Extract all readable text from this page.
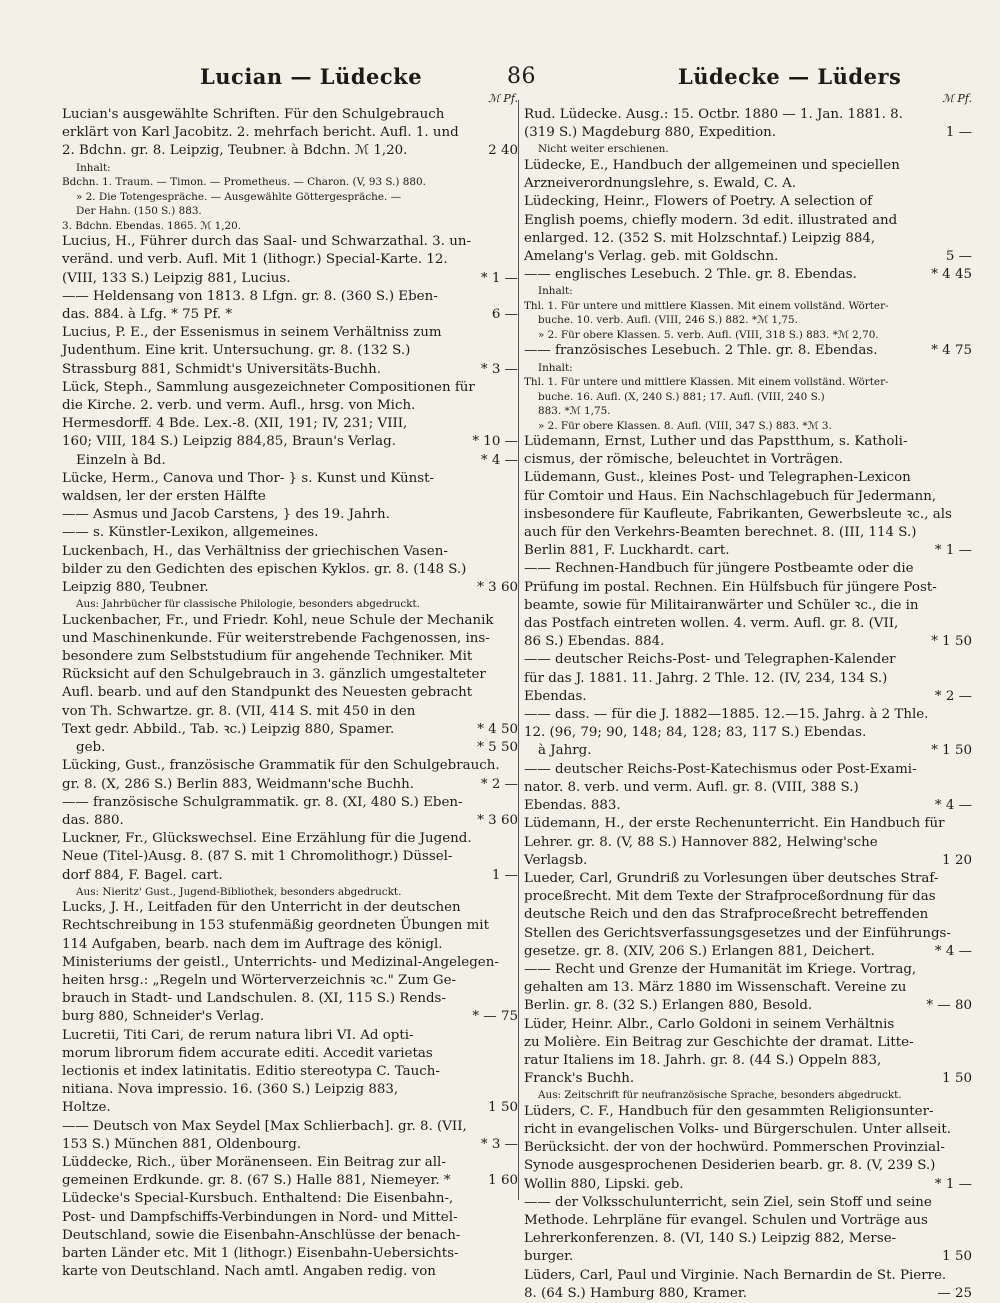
Lucian — Lüdecke	86	Lüdecke — Lüders
ℳ Pf.
Lucian's ausgewählte Schriften. Für den Schulgebrauch
erklärt von Karl Jacobitz. 2. mehrfach bericht. Aufl. 1. und
2. Bdchn. gr. 8. Leipzig, Teubner. à Bdchn. ℳ 1,20.	2 40
Inhalt:
Bdchn. 1. Traum. — Timon. — Prometheus. — Charon. (V, 93 S.) 880.
» 2. Die Totengespräche. — Ausgewählte Göttergespräche. —
Der Hahn. (150 S.) 883.
3. Bdchn. Ebendas. 1865. ℳ 1,20.
Lucius, H., Führer durch das Saal- und Schwarzathal. 3. un-
veränd. und verb. Aufl. Mit 1 (lithogr.) Special-Karte. 12.
(VIII, 133 S.) Leipzig 881, Lucius.	* 1 —
—— Heldensang von 1813. 8 Lfgn. gr. 8. (360 S.) Eben-
das. 884. à Lfg. * 75 Pf. *	6 —
Lucius, P. E., der Essenismus in seinem Verhältniss zum
Judenthum. Eine krit. Untersuchung. gr. 8. (132 S.)
Strassburg 881, Schmidt's Universitäts-Buchh.	* 3 —
Lück, Steph., Sammlung ausgezeichneter Compositionen für
die Kirche. 2. verb. und verm. Aufl., hrsg. von Mich.
Hermesdorff. 4 Bde. Lex.-8. (XII, 191; IV, 231; VIII,
160; VIII, 184 S.) Leipzig 884,85, Braun's Verlag.	* 10 —
Einzeln à Bd.	* 4 —
Lücke, Herm., Canova und Thor- } s. Kunst und Künst-
waldsen, ler der ersten Hälfte
—— Asmus und Jacob Carstens, } des 19. Jahrh.
—— s. Künstler-Lexikon, allgemeines.
Luckenbach, H., das Verhältniss der griechischen Vasen-
bilder zu den Gedichten des epischen Kyklos. gr. 8. (148 S.)
Leipzig 880, Teubner.	* 3 60
Aus: Jahrbücher für classische Philologie, besonders abgedruckt.
Luckenbacher, Fr., und Friedr. Kohl, neue Schule der Mechanik
und Maschinenkunde. Für weiterstrebende Fachgenossen, ins-
besondere zum Selbststudium für angehende Techniker. Mit
Rücksicht auf den Schulgebrauch in 3. gänzlich umgestalteter
Aufl. bearb. und auf den Standpunkt des Neuesten gebracht
von Th. Schwartze. gr. 8. (VII, 414 S. mit 450 in den
Text gedr. Abbild., Tab. ꝛc.) Leipzig 880, Spamer.	* 4 50
geb.	* 5 50
Lücking, Gust., französische Grammatik für den Schulgebrauch.
gr. 8. (X, 286 S.) Berlin 883, Weidmann'sche Buchh.	* 2 —
—— französische Schulgrammatik. gr. 8. (XI, 480 S.) Eben-
das. 880.	* 3 60
Luckner, Fr., Glückswechsel. Eine Erzählung für die Jugend.
Neue (Titel-)Ausg. 8. (87 S. mit 1 Chromolithogr.) Düssel-
dorf 884, F. Bagel. cart.	1 —
Aus: Nieritz' Gust., Jugend-Bibliothek, besonders abgedruckt.
Lucks, J. H., Leitfaden für den Unterricht in der deutschen
Rechtschreibung in 153 stufenmäßig geordneten Übungen mit
114 Aufgaben, bearb. nach dem im Auftrage des königl.
Ministeriums der geistl., Unterrichts- und Medizinal-Angelegen-
heiten hrsg.: „Regeln und Wörterverzeichnis ꝛc." Zum Ge-
brauch in Stadt- und Landschulen. 8. (XI, 115 S.) Rends-
burg 880, Schneider's Verlag.	* — 75
Lucretii, Titi Cari, de rerum natura libri VI. Ad opti-
morum librorum fidem accurate editi. Accedit varietas
lectionis et index latinitatis. Editio stereotypa C. Tauch-
nitiana. Nova impressio. 16. (360 S.) Leipzig 883,
Holtze.	1 50
—— Deutsch von Max Seydel [Max Schlierbach]. gr. 8. (VII,
153 S.) München 881, Oldenbourg.	* 3 —
Lüddecke, Rich., über Moränenseen. Ein Beitrag zur all-
gemeinen Erdkunde. gr. 8. (67 S.) Halle 881, Niemeyer. *	1 60
Lüdecke's Special-Kursbuch. Enthaltend: Die Eisenbahn-,
Post- und Dampfschiffs-Verbindungen in Nord- und Mittel-
Deutschland, sowie die Eisenbahn-Anschlüsse der benach-
barten Länder etc. Mit 1 (lithogr.) Eisenbahn-Uebersichts-
karte von Deutschland. Nach amtl. Angaben redig. von
ℳ Pf.
Rud. Lüdecke. Ausg.: 15. Octbr. 1880 — 1. Jan. 1881. 8.
(319 S.) Magdeburg 880, Expedition.	1 —
Nicht weiter erschienen.
Lüdecke, E., Handbuch der allgemeinen und speciellen
Arzneiverordnungslehre, s. Ewald, C. A.
Lüdecking, Heinr., Flowers of Poetry. A selection of
English poems, chiefly modern. 3d edit. illustrated and
enlarged. 12. (352 S. mit Holzschntaf.) Leipzig 884,
Amelang's Verlag. geb. mit Goldschn.	5 —
—— englisches Lesebuch. 2 Thle. gr. 8. Ebendas.	* 4 45
Inhalt:
Thl. 1. Für untere und mittlere Klassen. Mit einem vollständ. Wörter-
buche. 10. verb. Aufl. (VIII, 246 S.) 882. *ℳ 1,75.
» 2. Für obere Klassen. 5. verb. Aufl. (VIII, 318 S.) 883. *ℳ 2,70.
—— französisches Lesebuch. 2 Thle. gr. 8. Ebendas.	* 4 75
Inhalt:
Thl. 1. Für untere und mittlere Klassen. Mit einem vollständ. Wörter-
buche. 16. Aufl. (X, 240 S.) 881; 17. Aufl. (VIII, 240 S.)
883. *ℳ 1,75.
» 2. Für obere Klassen. 8. Aufl. (VIII, 347 S.) 883. *ℳ 3.
Lüdemann, Ernst, Luther und das Papstthum, s. Katholi-
cismus, der römische, beleuchtet in Vorträgen.
Lüdemann, Gust., kleines Post- und Telegraphen-Lexicon
für Comtoir und Haus. Ein Nachschlagebuch für Jedermann,
insbesondere für Kaufleute, Fabrikanten, Gewerbsleute ꝛc., als
auch für den Verkehrs-Beamten berechnet. 8. (III, 114 S.)
Berlin 881, F. Luckhardt. cart.	* 1 —
—— Rechnen-Handbuch für jüngere Postbeamte oder die
Prüfung im postal. Rechnen. Ein Hülfsbuch für jüngere Post-
beamte, sowie für Militairanwärter und Schüler ꝛc., die in
das Postfach eintreten wollen. 4. verm. Aufl. gr. 8. (VII,
86 S.) Ebendas. 884.	* 1 50
—— deutscher Reichs-Post- und Telegraphen-Kalender
für das J. 1881. 11. Jahrg. 2 Thle. 12. (IV, 234, 134 S.)
Ebendas.	* 2 —
—— dass. — für die J. 1882—1885. 12.—15. Jahrg. à 2 Thle.
12. (96, 79; 90, 148; 84, 128; 83, 117 S.) Ebendas.
à Jahrg.	* 1 50
—— deutscher Reichs-Post-Katechismus oder Post-Exami-
nator. 8. verb. und verm. Aufl. gr. 8. (VIII, 388 S.)
Ebendas. 883.	* 4 —
Lüdemann, H., der erste Rechenunterricht. Ein Handbuch für
Lehrer. gr. 8. (V, 88 S.) Hannover 882, Helwing'sche
Verlagsb.	1 20
Lueder, Carl, Grundriß zu Vorlesungen über deutsches Straf-
proceßrecht. Mit dem Texte der Strafproceßordnung für das
deutsche Reich und den das Strafproceßrecht betreffenden
Stellen des Gerichtsverfassungsgesetzes und der Einführungs-
gesetze. gr. 8. (XIV, 206 S.) Erlangen 881, Deichert.	* 4 —
—— Recht und Grenze der Humanität im Kriege. Vortrag,
gehalten am 13. März 1880 im Wissenschaft. Vereine zu
Berlin. gr. 8. (32 S.) Erlangen 880, Besold.	* — 80
Lüder, Heinr. Albr., Carlo Goldoni in seinem Verhältnis
zu Molière. Ein Beitrag zur Geschichte der dramat. Litte-
ratur Italiens im 18. Jahrh. gr. 8. (44 S.) Oppeln 883,
Franck's Buchh.	1 50
Aus: Zeitschrift für neufranzösische Sprache, besonders abgedruckt.
Lüders, C. F., Handbuch für den gesammten Religionsunter-
richt in evangelischen Volks- und Bürgerschulen. Unter allseit.
Berücksicht. der von der hochwürd. Pommerschen Provinzial-
Synode ausgesprochenen Desiderien bearb. gr. 8. (V, 239 S.)
Wollin 880, Lipski. geb.	* 1 —
—— der Volksschulunterricht, sein Ziel, sein Stoff und seine
Methode. Lehrpläne für evangel. Schulen und Vorträge aus
Lehrerkonferenzen. 8. (VI, 140 S.) Leipzig 882, Merse-
burger.	1 50
Lüders, Carl, Paul und Virginie. Nach Bernardin de St. Pierre.
8. (64 S.) Hamburg 880, Kramer.	— 25
